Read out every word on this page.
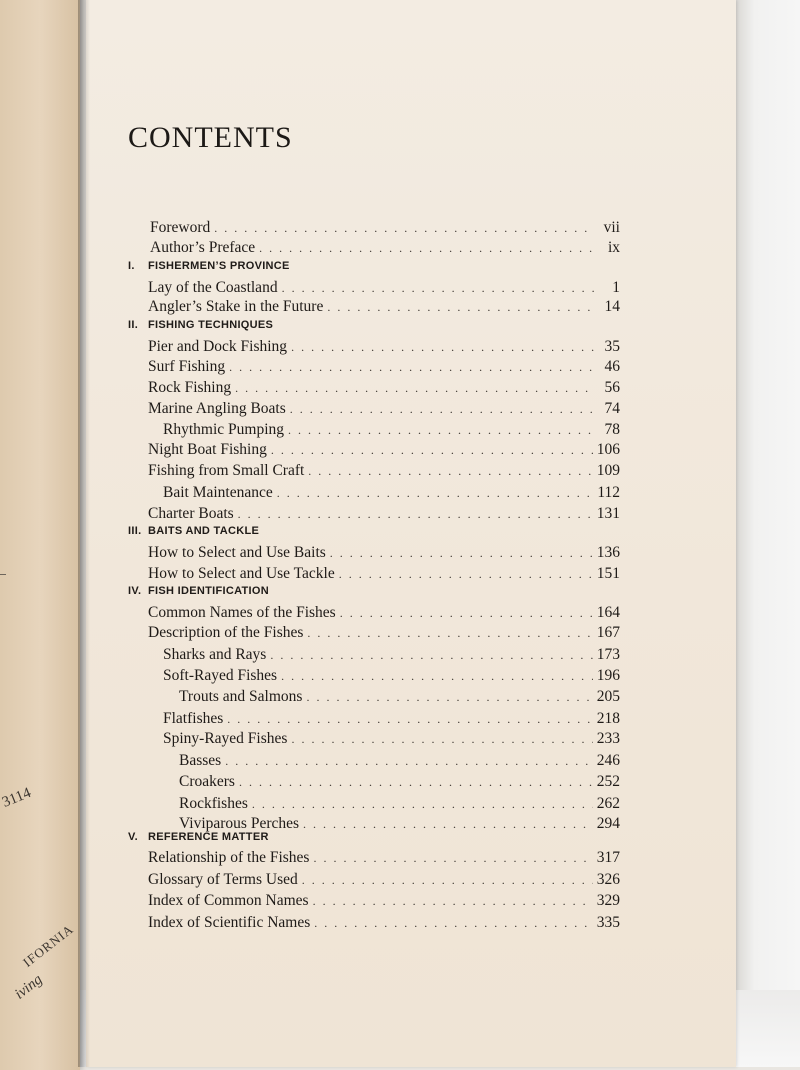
3114
IFORNIA
iving
CONTENTS
Foreword . . .	vii
Author’s Preface . . .	ix
I. FISHERMEN’S PROVINCE
Lay of the Coastland . . .	1
Angler’s Stake in the Future . . .	14
II. FISHING TECHNIQUES
Pier and Dock Fishing . . .	35
Surf Fishing . . .	46
Rock Fishing . . .	56
Marine Angling Boats . . .	74
Rhythmic Pumping . . .	78
Night Boat Fishing . . .	106
Fishing from Small Craft . . .	109
Bait Maintenance . . .	112
Charter Boats . . .	131
III. BAITS AND TACKLE
How to Select and Use Baits . . .	136
How to Select and Use Tackle . . .	151
IV. FISH IDENTIFICATION
Common Names of the Fishes . . .	164
Description of the Fishes . . .	167
Sharks and Rays . . .	173
Soft-Rayed Fishes . . .	196
Trouts and Salmons . . .	205
Flatfishes . . .	218
Spiny-Rayed Fishes . . .	233
Basses . . .	246
Croakers . . .	252
Rockfishes . . .	262
Viviparous Perches . . .	294
V. REFERENCE MATTER
Relationship of the Fishes . . .	317
Glossary of Terms Used . . .	326
Index of Common Names . . .	329
Index of Scientific Names . . .	335
